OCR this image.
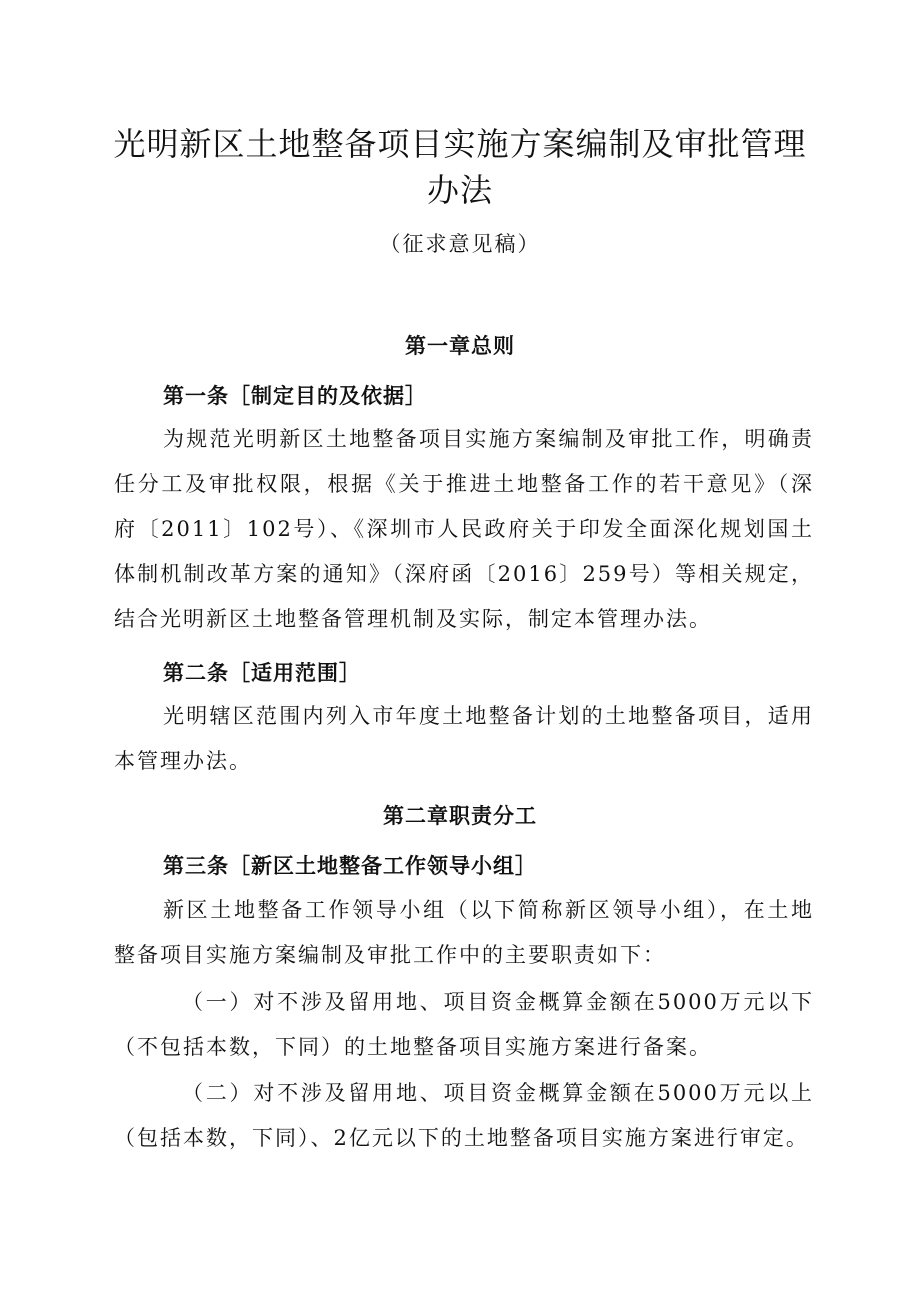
光明新区土地整备项目实施方案编制及审批管理办法
（征求意见稿）
第一章总则
第一条［制定目的及依据］

为规范光明新区土地整备项目实施方案编制及审批工作，明确责任分工及审批权限，根据《关于推进土地整备工作的若干意见》（深府〔2011〕102号）、《深圳市人民政府关于印发全面深化规划国土体制机制改革方案的通知》（深府函〔2016〕259号）等相关规定，结合光明新区土地整备管理机制及实际，制定本管理办法。

第二条［适用范围］

光明辖区范围内列入市年度土地整备计划的土地整备项目，适用本管理办法。

第二章职责分工
第三条［新区土地整备工作领导小组］

新区土地整备工作领导小组（以下简称新区领导小组），在土地整备项目实施方案编制及审批工作中的主要职责如下：

（一）对不涉及留用地、项目资金概算金额在5000万元以下（不包括本数，下同）的土地整备项目实施方案进行备案。

（二）对不涉及留用地、项目资金概算金额在5000万元以上（包括本数，下同）、2亿元以下的土地整备项目实施方案进行审定。
